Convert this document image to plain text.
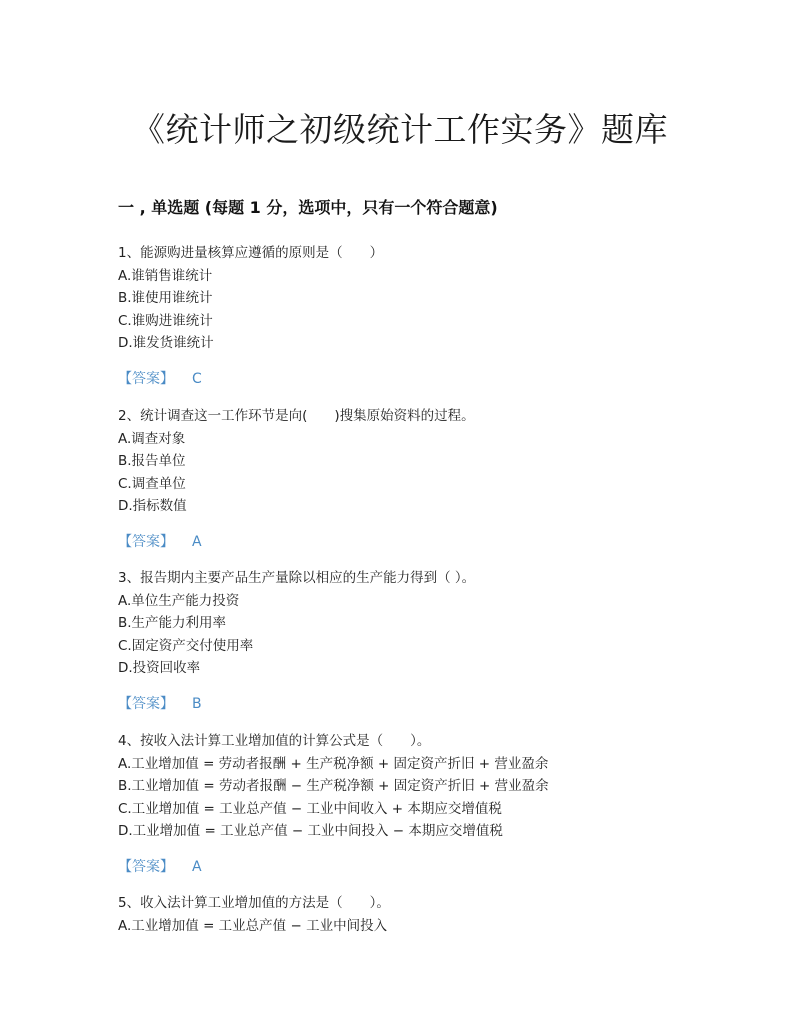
《统计师之初级统计工作实务》题库
一 , 单选题 (每题 1 分，选项中，只有一个符合题意)
1、能源购进量核算应遵循的原则是（　　）
A.谁销售谁统计
B.谁使用谁统计
C.谁购进谁统计
D.谁发货谁统计
【答案】 C
2、统计调查这一工作环节是向(　　)搜集原始资料的过程。
A.调查对象
B.报告单位
C.调查单位
D.指标数值
【答案】 A
3、报告期内主要产品生产量除以相应的生产能力得到（ ）。
A.单位生产能力投资
B.生产能力利用率
C.固定资产交付使用率
D.投资回收率
【答案】 B
4、按收入法计算工业增加值的计算公式是（　　）。
A.工业增加值 = 劳动者报酬 + 生产税净额 + 固定资产折旧 + 营业盈余
B.工业增加值 = 劳动者报酬 − 生产税净额 + 固定资产折旧 + 营业盈余
C.工业增加值 = 工业总产值 − 工业中间收入 + 本期应交增值税
D.工业增加值 = 工业总产值 − 工业中间投入 − 本期应交增值税
【答案】 A
5、收入法计算工业增加值的方法是（　　）。
A.工业增加值 = 工业总产值 − 工业中间投入
